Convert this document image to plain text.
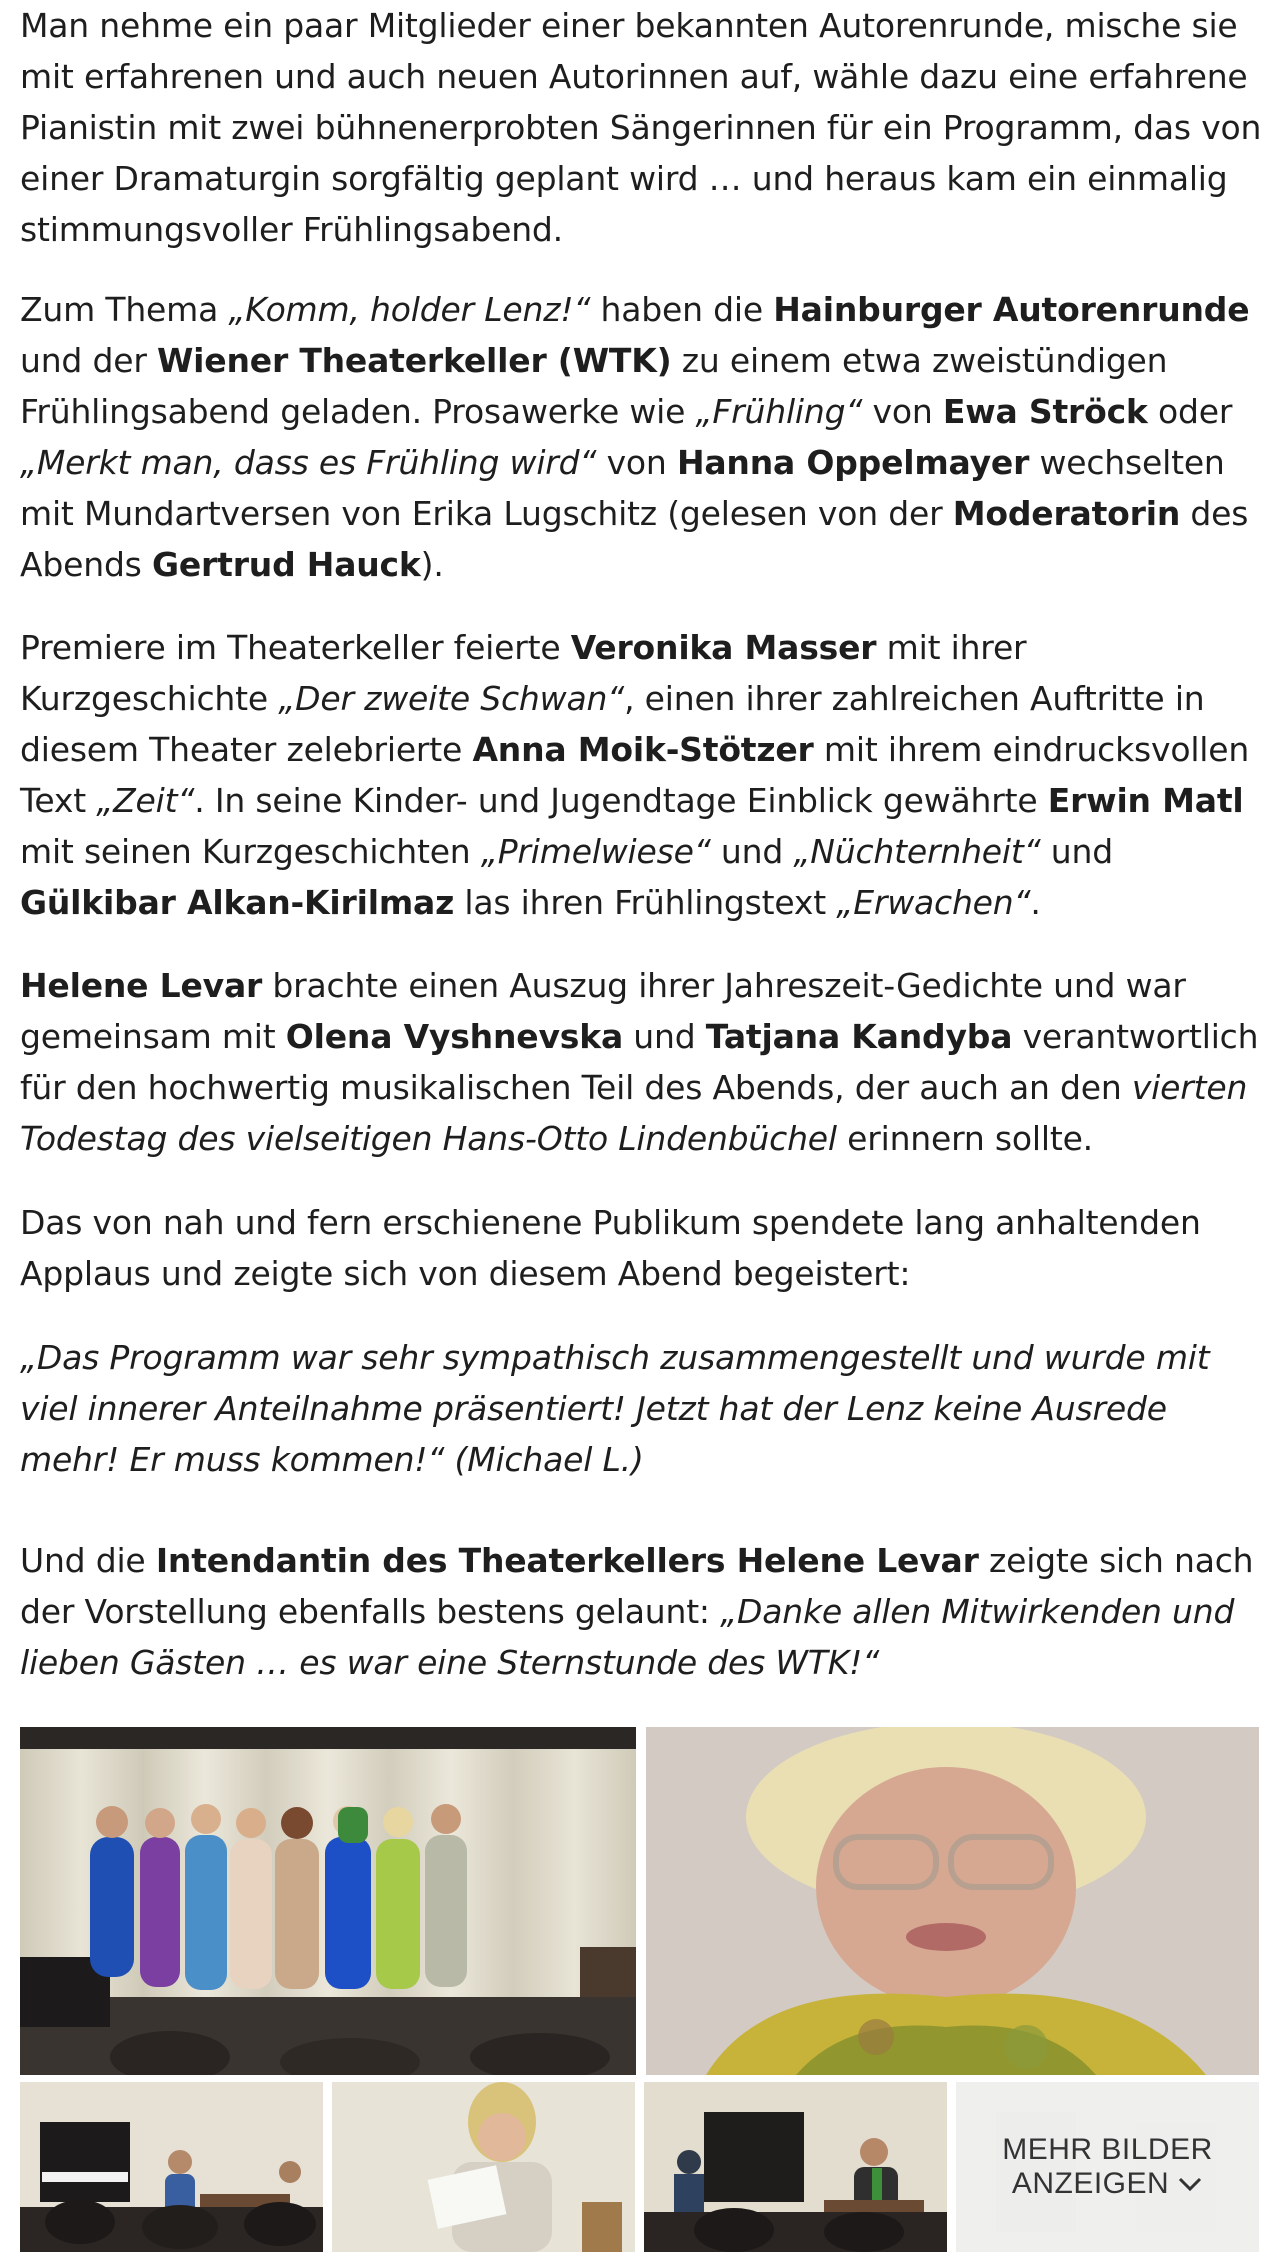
Man nehme ein paar Mitglieder einer bekannten Autorenrunde, mische sie mit erfahrenen und auch neuen Autorinnen auf, wähle dazu eine erfahrene Pianistin mit zwei bühnenerprobten Sängerinnen für ein Programm, das von einer Dramaturgin sorgfältig geplant wird … und heraus kam ein einmalig stimmungsvoller Frühlingsabend.

Zum Thema „Komm, holder Lenz!“ haben die Hainburger Autorenrunde und der Wiener Theaterkeller (WTK) zu einem etwa zweistündigen Frühlingsabend geladen. Prosawerke wie „Frühling“ von Ewa Ströck oder „Merkt man, dass es Frühling wird“ von Hanna Oppelmayer wechselten mit Mundartversen von Erika Lugschitz (gelesen von der Moderatorin des Abends Gertrud Hauck).

Premiere im Theaterkeller feierte Veronika Masser mit ihrer Kurzgeschichte „Der zweite Schwan“, einen ihrer zahlreichen Auftritte in diesem Theater zelebrierte Anna Moik-Stötzer mit ihrem eindrucksvollen Text „Zeit“. In seine Kinder- und Jugendtage Einblick gewährte Erwin Matl mit seinen Kurzgeschichten „Primelwiese“ und „Nüchternheit“ und Gülkibar Alkan-Kirilmaz las ihren Frühlingstext „Erwachen“.

Helene Levar brachte einen Auszug ihrer Jahreszeit-Gedichte und war gemeinsam mit Olena Vyshnevska und Tatjana Kandyba verantwortlich für den hochwertig musikalischen Teil des Abends, der auch an den vierten Todestag des vielseitigen Hans-Otto Lindenbüchel erinnern sollte.

Das von nah und fern erschienene Publikum spendete lang anhaltenden Applaus und zeigte sich von diesem Abend begeistert:

„Das Programm war sehr sympathisch zusammengestellt und wurde mit viel innerer Anteilnahme präsentiert! Jetzt hat der Lenz keine Ausrede mehr! Er muss kommen!“ (Michael L.)

Und die Intendantin des Theaterkellers Helene Levar zeigte sich nach der Vorstellung ebenfalls bestens gelaunt: „Danke allen Mitwirkenden und lieben Gästen … es war eine Sternstunde des WTK!“

MEHR BILDER
ANZEIGEN
